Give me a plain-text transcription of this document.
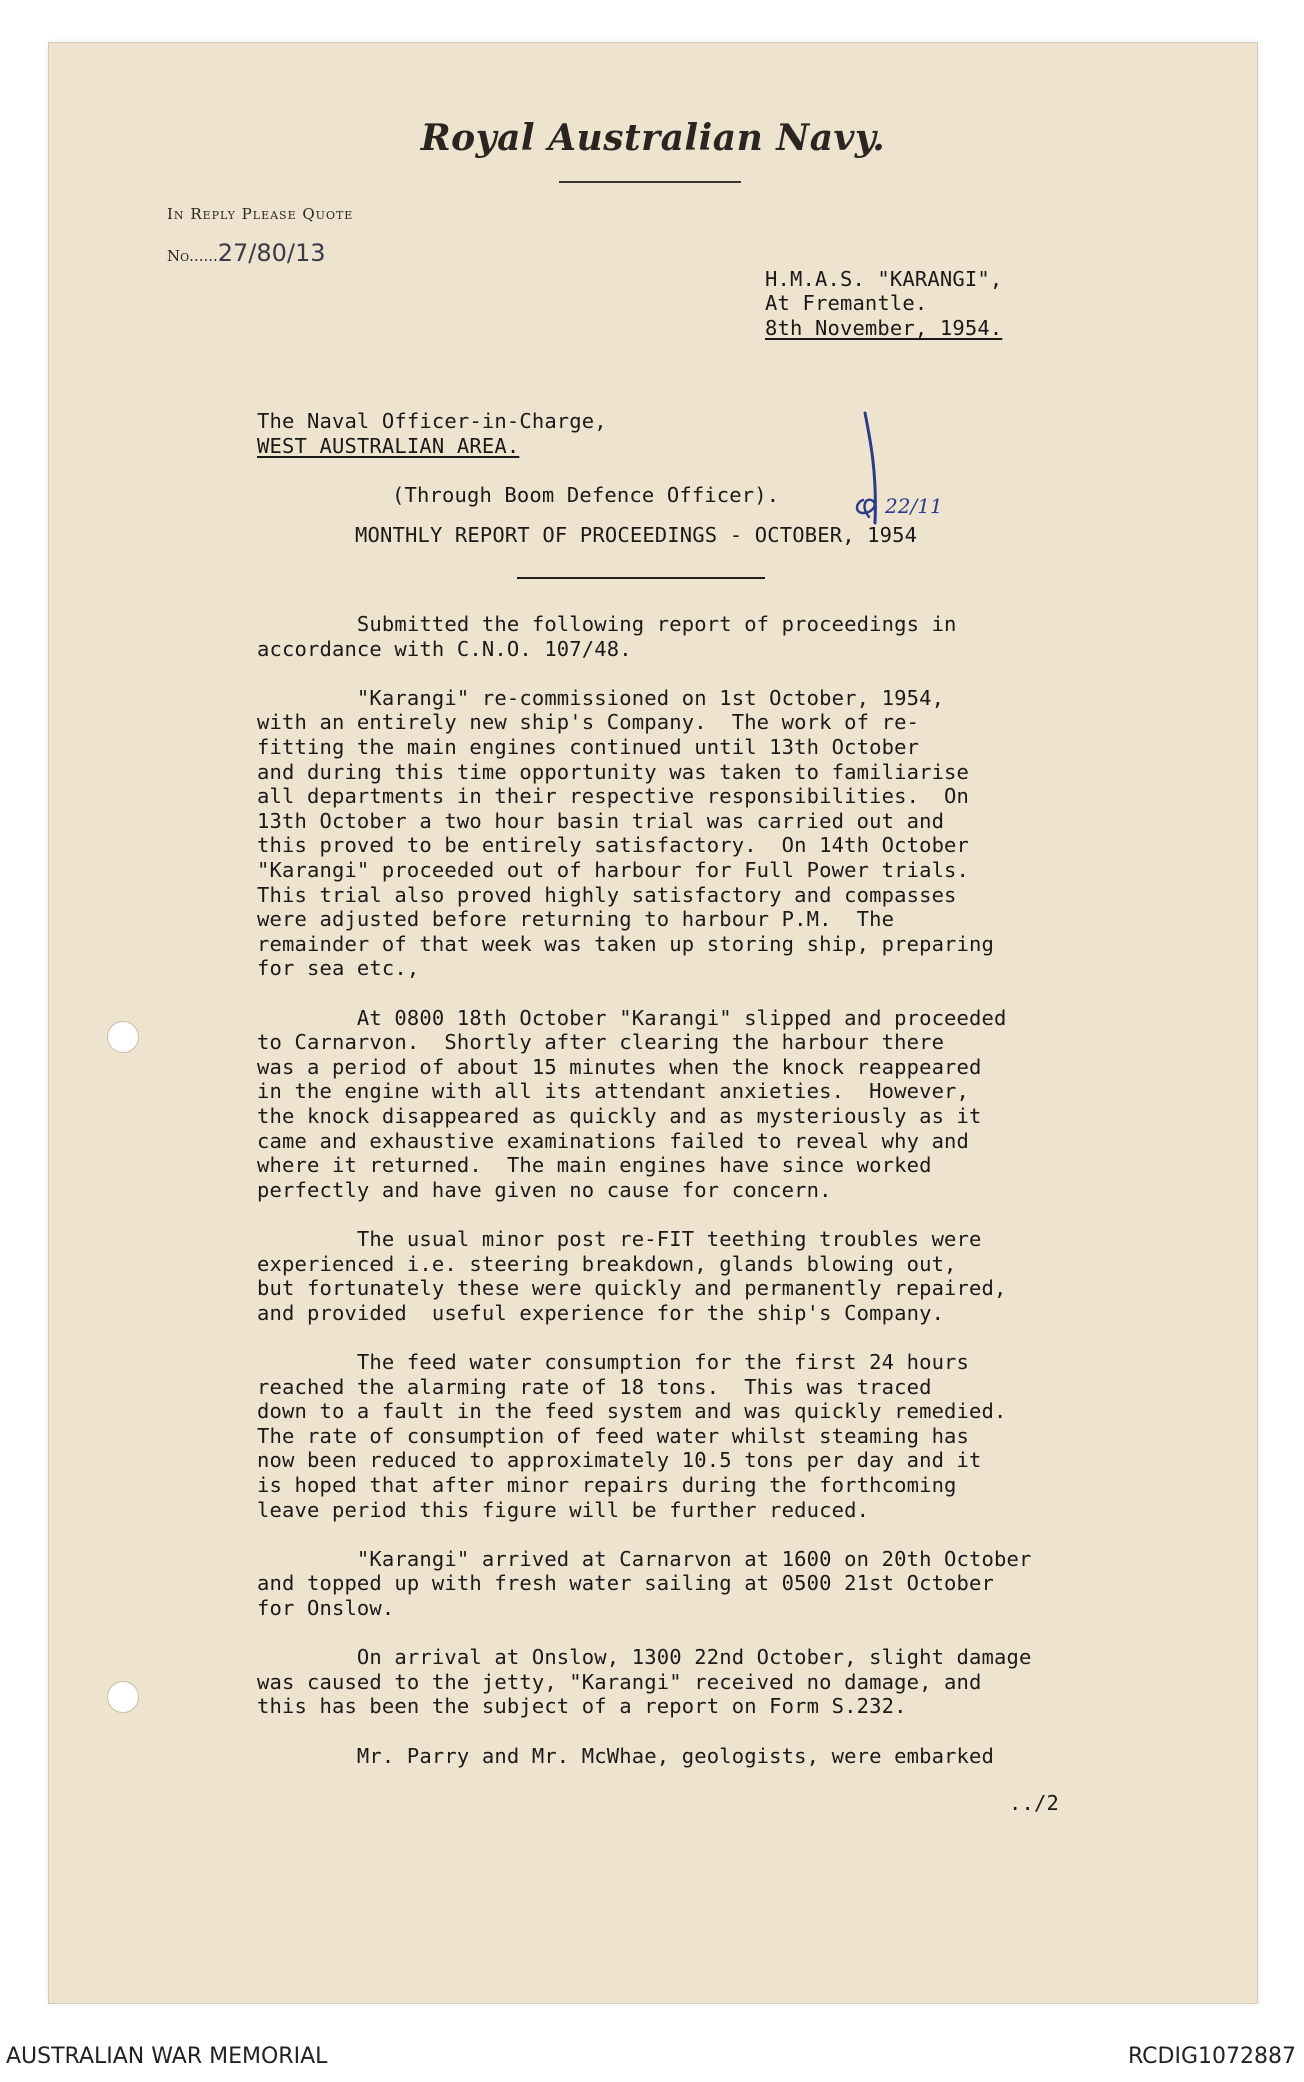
Royal Australian Navy.
In Reply Please Quote
No......27/80/13
H.M.A.S. "KARANGI",
At Fremantle.
8th November, 1954.
The Naval Officer-in-Charge,
WEST AUSTRALIAN AREA.
(Through Boom Defence Officer).	22/11
MONTHLY REPORT OF PROCEEDINGS - OCTOBER, 1954
Submitted the following report of proceedings in
accordance with C.N.O. 107/48.
"Karangi" re-commissioned on 1st October, 1954,
with an entirely new ship's Company.  The work of re-
fitting the main engines continued until 13th October
and during this time opportunity was taken to familiarise
all departments in their respective responsibilities.  On
13th October a two hour basin trial was carried out and
this proved to be entirely satisfactory.  On 14th October
"Karangi" proceeded out of harbour for Full Power trials.
This trial also proved highly satisfactory and compasses
were adjusted before returning to harbour P.M.  The
remainder of that week was taken up storing ship, preparing
for sea etc.,
At 0800 18th October "Karangi" slipped and proceeded
to Carnarvon.  Shortly after clearing the harbour there
was a period of about 15 minutes when the knock reappeared
in the engine with all its attendant anxieties.  However,
the knock disappeared as quickly and as mysteriously as it
came and exhaustive examinations failed to reveal why and
where it returned.  The main engines have since worked
perfectly and have given no cause for concern.
The usual minor post re-FIT teething troubles were
experienced i.e. steering breakdown, glands blowing out,
but fortunately these were quickly and permanently repaired,
and provided  useful experience for the ship's Company.
The feed water consumption for the first 24 hours
reached the alarming rate of 18 tons.  This was traced
down to a fault in the feed system and was quickly remedied.
The rate of consumption of feed water whilst steaming has
now been reduced to approximately 10.5 tons per day and it
is hoped that after minor repairs during the forthcoming
leave period this figure will be further reduced.
"Karangi" arrived at Carnarvon at 1600 on 20th October
and topped up with fresh water sailing at 0500 21st October
for Onslow.
On arrival at Onslow, 1300 22nd October, slight damage
was caused to the jetty, "Karangi" received no damage, and
this has been the subject of a report on Form S.232.
Mr. Parry and Mr. McWhae, geologists, were embarked
../2
AUSTRALIAN WAR MEMORIAL	RCDIG1072887
